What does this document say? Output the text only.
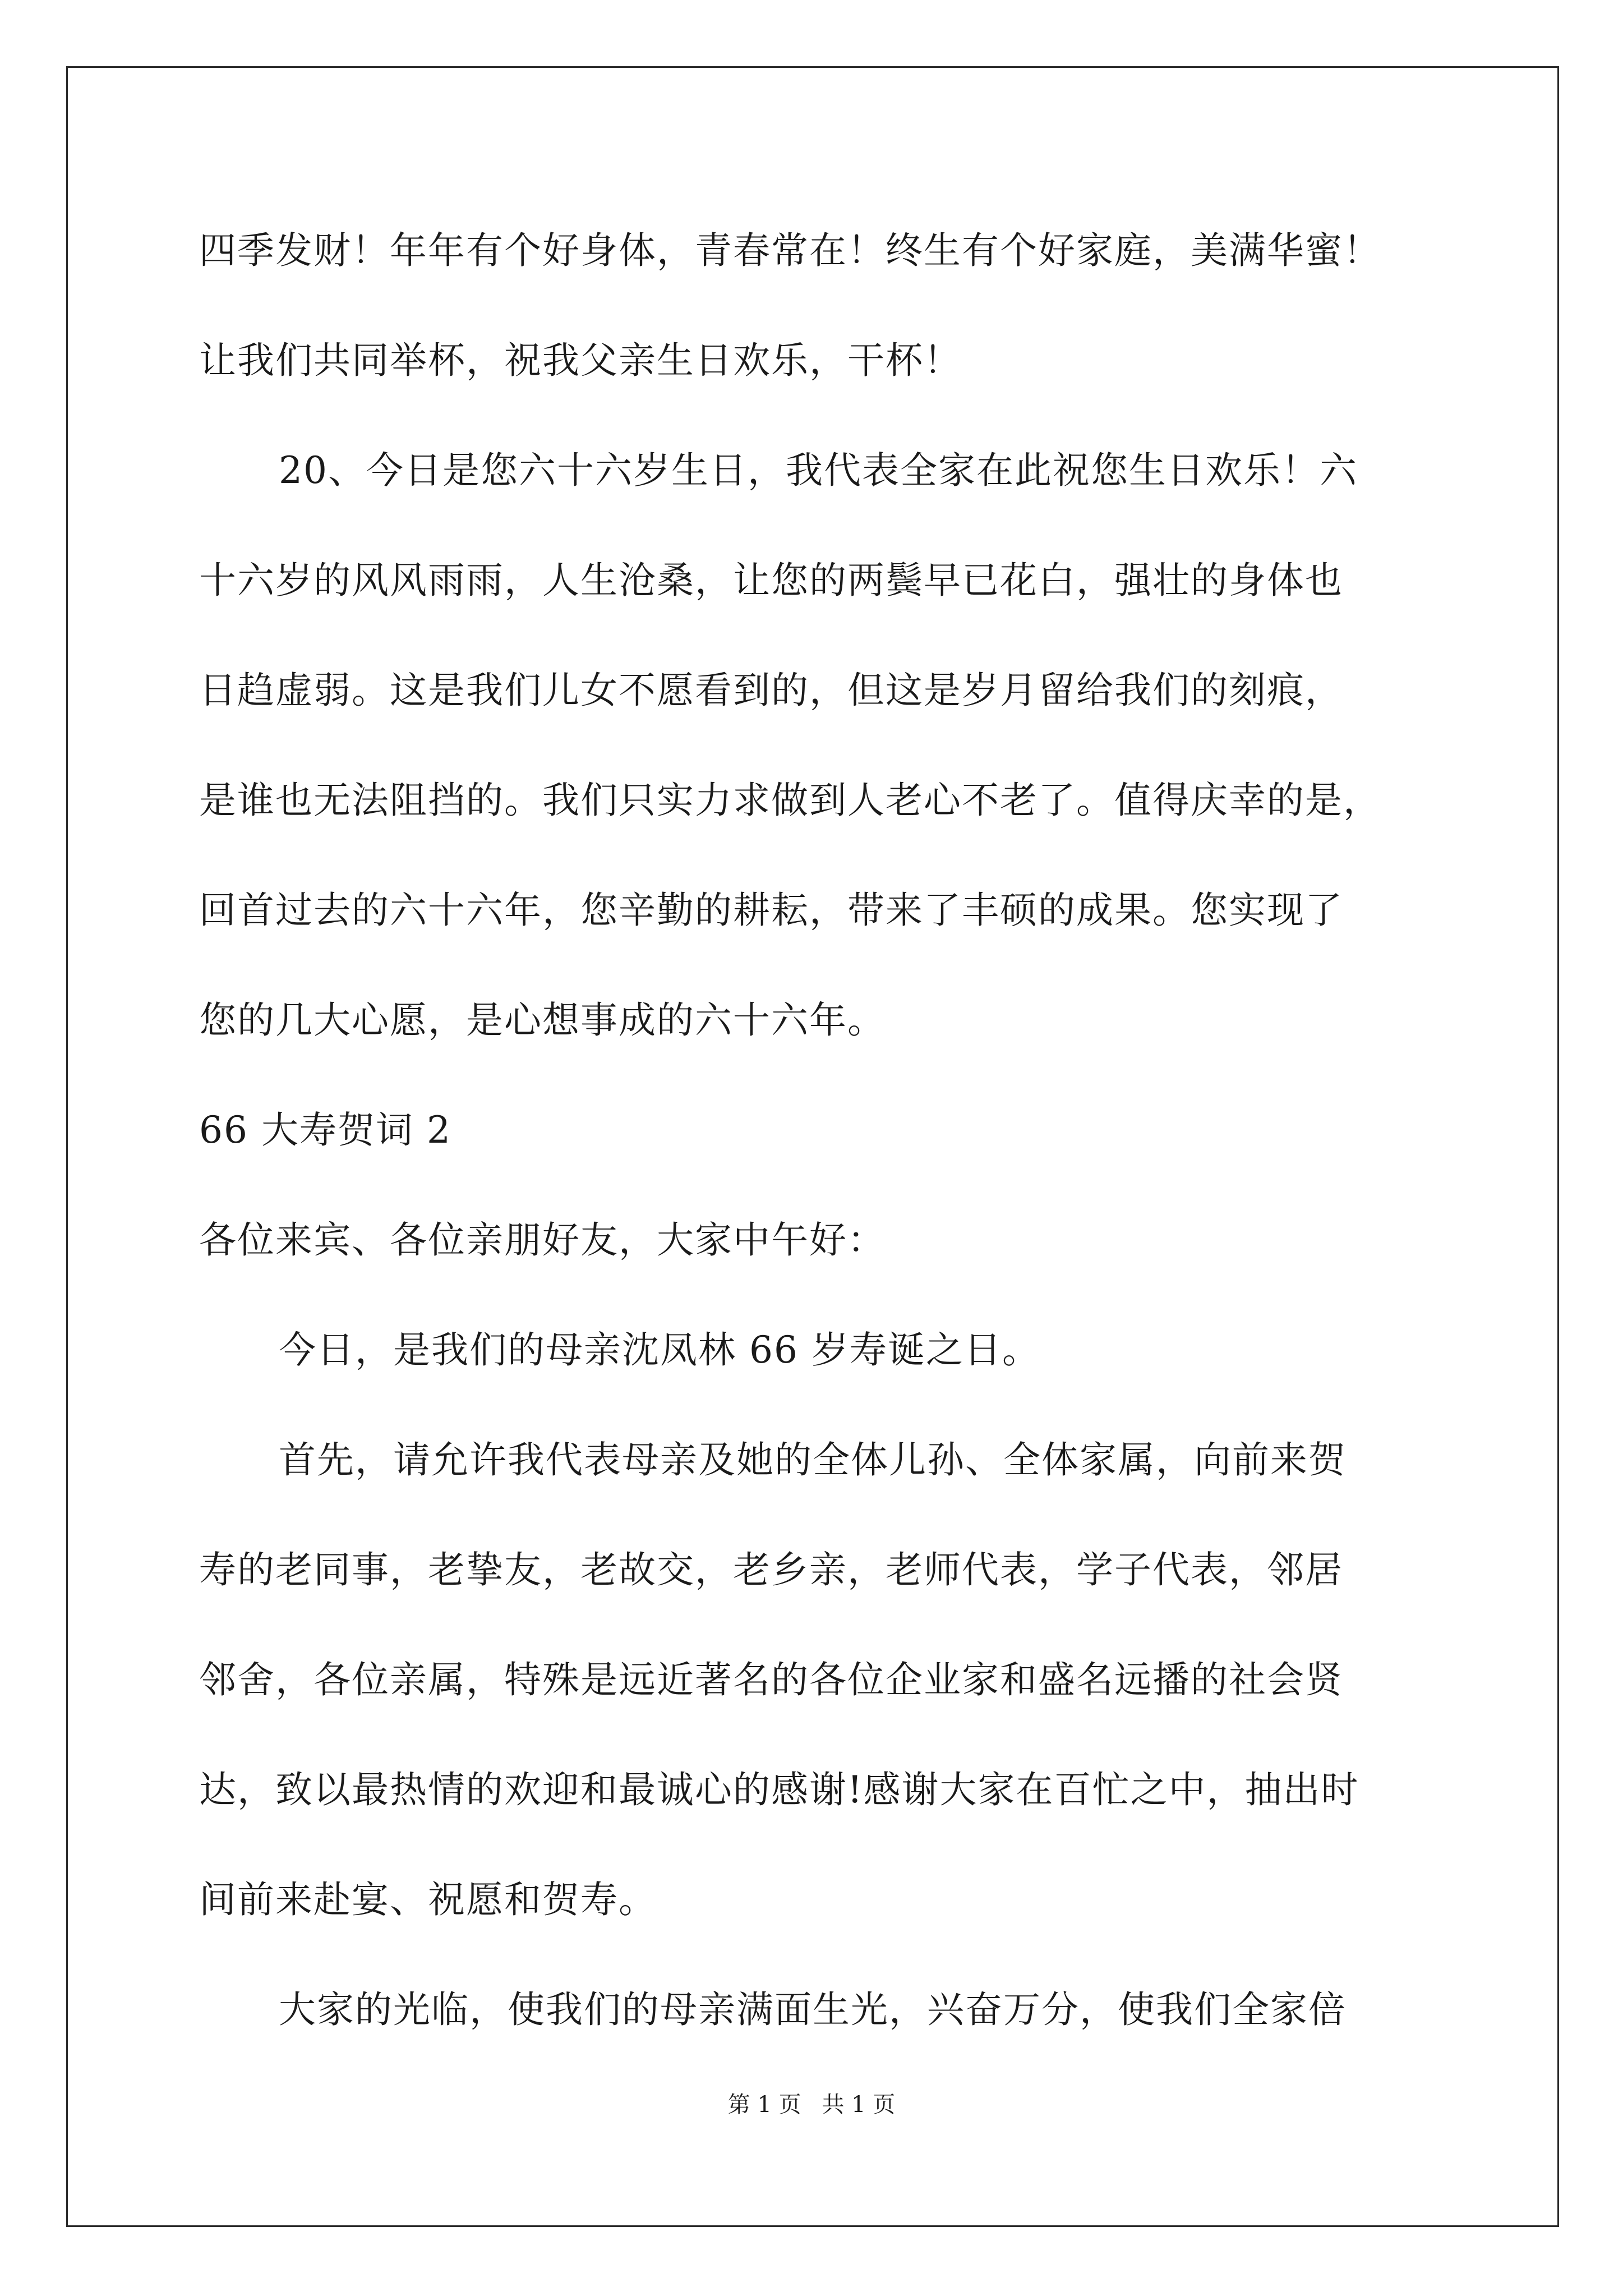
四季发财！年年有个好身体，青春常在！终生有个好家庭，美满华蜜！
让我们共同举杯，祝我父亲生日欢乐，干杯！
20、今日是您六十六岁生日，我代表全家在此祝您生日欢乐！六
十六岁的风风雨雨，人生沧桑，让您的两鬓早已花白，强壮的身体也
日趋虚弱。这是我们儿女不愿看到的，但这是岁月留给我们的刻痕，
是谁也无法阻挡的。我们只实力求做到人老心不老了。值得庆幸的是，
回首过去的六十六年，您辛勤的耕耘，带来了丰硕的成果。您实现了
您的几大心愿，是心想事成的六十六年。
66 大寿贺词 2
各位来宾、各位亲朋好友，大家中午好：
今日，是我们的母亲沈凤林 66 岁寿诞之日。
首先，请允许我代表母亲及她的全体儿孙、全体家属，向前来贺
寿的老同事，老挚友，老故交，老乡亲，老师代表，学子代表，邻居
邻舍，各位亲属，特殊是远近著名的各位企业家和盛名远播的社会贤
达，致以最热情的欢迎和最诚心的感谢!感谢大家在百忙之中，抽出时
间前来赴宴、祝愿和贺寿。
大家的光临，使我们的母亲满面生光，兴奋万分，使我们全家倍
第 1 页 共 1 页
